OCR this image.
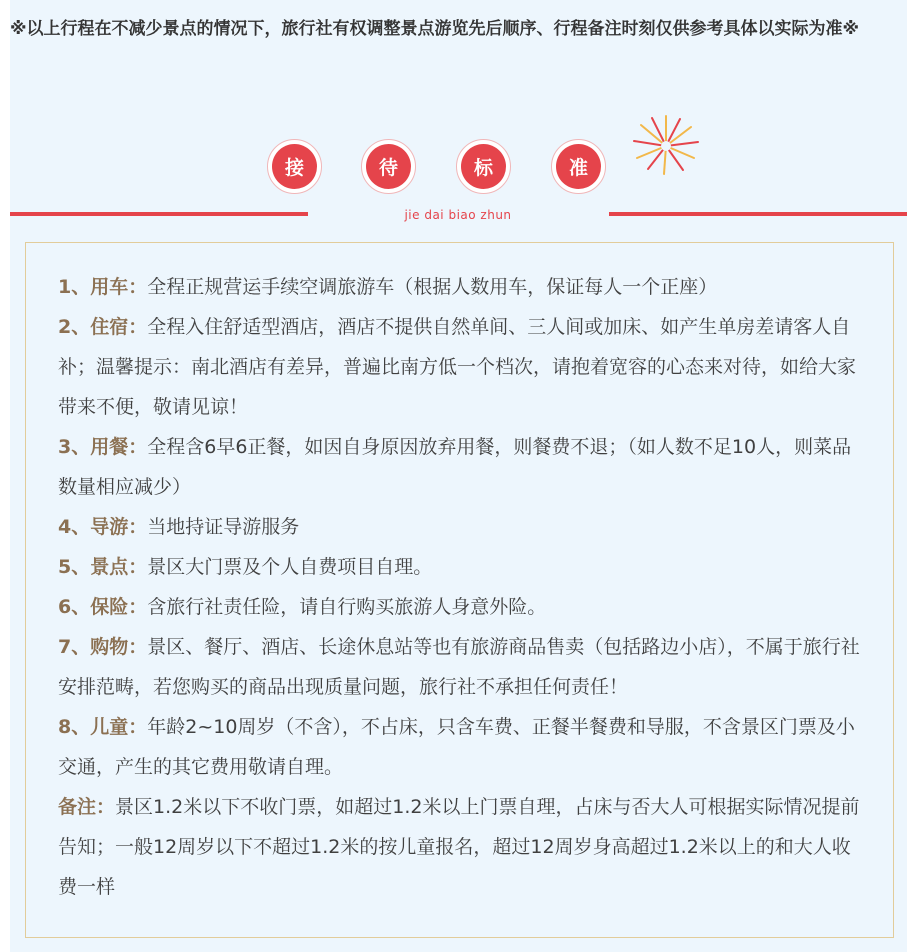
※以上行程在不减少景点的情况下，旅行社有权调整景点游览先后顺序、行程备注时刻仅供参考具体以实际为准※
接	待	标	准
jie dai biao zhun

1、用车：全程正规营运手续空调旅游车（根据人数用车，保证每人一个正座）

2、住宿：全程入住舒适型酒店，酒店不提供自然单间、三人间或加床、如产生单房差请客人自补；温馨提示：南北酒店有差异，普遍比南方低一个档次，请抱着宽容的心态来对待，如给大家带来不便，敬请见谅！

3、用餐：全程含6早6正餐，如因自身原因放弃用餐，则餐费不退；（如人数不足10人，则菜品数量相应减少）

4、导游：当地持证导游服务

5、景点：景区大门票及个人自费项目自理。

6、保险：含旅行社责任险，请自行购买旅游人身意外险。

7、购物：景区、餐厅、酒店、长途休息站等也有旅游商品售卖（包括路边小店），不属于旅行社安排范畴，若您购买的商品出现质量问题，旅行社不承担任何责任！

8、儿童：年龄2~10周岁（不含），不占床，只含车费、正餐半餐费和导服，不含景区门票及小交通，产生的其它费用敬请自理。

备注：景区1.2米以下不收门票，如超过1.2米以上门票自理，占床与否大人可根据实际情况提前告知；一般12周岁以下不超过1.2米的按儿童报名，超过12周岁身高超过1.2米以上的和大人收费一样
